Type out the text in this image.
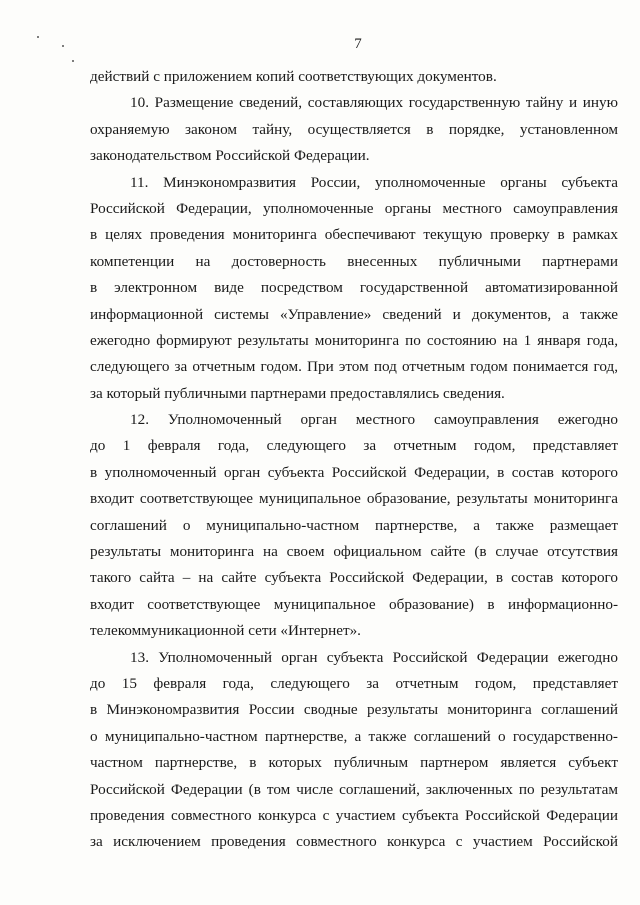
7
действий с приложением копий соответствующих документов.
10. Размещение сведений, составляющих государственную тайну и иную
охраняемую законом тайну, осуществляется в порядке, установленном
законодательством Российской Федерации.
11. Минэкономразвития России, уполномоченные органы субъекта
Российской Федерации, уполномоченные органы местного самоуправления
в целях проведения мониторинга обеспечивают текущую проверку в рамках
компетенции на достоверность внесенных публичными партнерами
в электронном виде посредством государственной автоматизированной
информационной системы «Управление» сведений и документов, а также
ежегодно формируют результаты мониторинга по состоянию на 1 января года,
следующего за отчетным годом. При этом под отчетным годом понимается год,
за который публичными партнерами предоставлялись сведения.
12. Уполномоченный орган местного самоуправления ежегодно
до 1 февраля года, следующего за отчетным годом, представляет
в уполномоченный орган субъекта Российской Федерации, в состав которого
входит соответствующее муниципальное образование, результаты мониторинга
соглашений о муниципально-частном партнерстве, а также размещает
результаты мониторинга на своем официальном сайте (в случае отсутствия
такого сайта – на сайте субъекта Российской Федерации, в состав которого
входит соответствующее муниципальное образование) в информационно-
телекоммуникационной сети «Интернет».
13. Уполномоченный орган субъекта Российской Федерации ежегодно
до 15 февраля года, следующего за отчетным годом, представляет
в Минэкономразвития России сводные результаты мониторинга соглашений
о муниципально-частном партнерстве, а также соглашений о государственно-
частном партнерстве, в которых публичным партнером является субъект
Российской Федерации (в том числе соглашений, заключенных по результатам
проведения совместного конкурса с участием субъекта Российской Федерации
за исключением проведения совместного конкурса с участием Российской
